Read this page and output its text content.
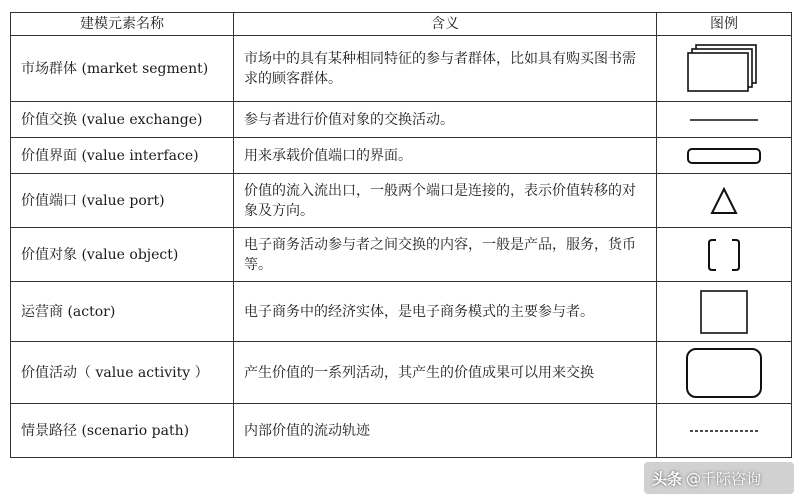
建模元素名称	含义	图例
市场群体 (market segment)	市场中的具有某种相同特征的参与者群体，比如具有购买图书需求的顾客群体。	

价值交换 (value exchange)	参与者进行价值对象的交换活动。	

价值界面 (value interface)	用来承载价值端口的界面。	

价值端口 (value port)	价值的流入流出口，一般两个端口是连接的，表示价值转移的对象及方向。	

价值对象 (value object)	电子商务活动参与者之间交换的内容，一般是产品，服务，货币等。	

运营商 (actor)	电子商务中的经济实体，是电子商务模式的主要参与者。	

价值活动（ value activity ）	产生价值的一系列活动，其产生的价值成果可以用来交换	

情景路径 (scenario path)	内部价值的流动轨迹	
头条 @千际咨询
